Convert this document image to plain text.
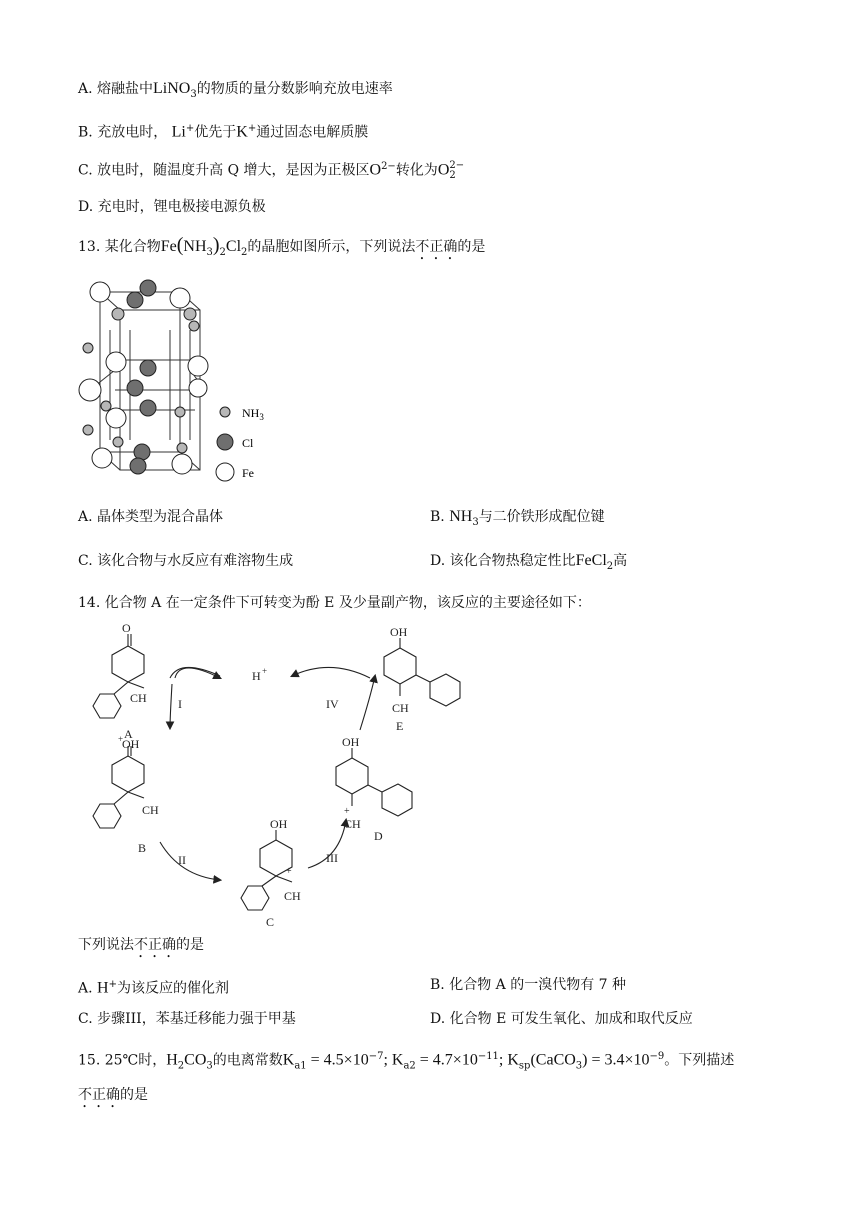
A. 熔融盐中LiNO$_3$的物质的量分数影响充放电速率
B. 充放电时， Li+优先于K+通过固态电解质膜
C. 放电时，随温度升高 Q 增大，是因为正极区$O^{2-}$转化为O 2−
2
D. 充电时，锂电极接电源负极
13. 某化合物$Fe(NH_3)_2Cl_2$的晶胞如图所示，下列说法不正确的是
$NH_3$
Cl
Fe
A. 晶体类型为混合晶体	B. $NH_3$与二价铁形成配位键
C. 该化合物与水反应有难溶物生成	D. 该化合物热稳定性比FeCl$_2$高
14. 化合物 A 在一定条件下可转变为酚 E 及少量副产物，该反应的主要途径如下：
O
CH
A
+
OH
CH
B
OH
+
CH
C
OH
+
CH
D
OH
CH
E
H +
I
II	III
IV
下列说法不正确的是
A. H+为该反应的催化剂	B. 化合物 A 的一溴代物有 7 种
C. 步骤III，苯基迁移能力强于甲基	D. 化合物 E 可发生氧化、加成和取代反应
15. 25℃时，$H_2CO_3$的电离常数$K_{a1} = 4.5\times 10^{-7}$; $K_{a2} = 4.7\times 10^{-11}$; $K_{sp}(CaCO_3) = 3.4\times 10^{-9}$。下列描述
不正确的是
